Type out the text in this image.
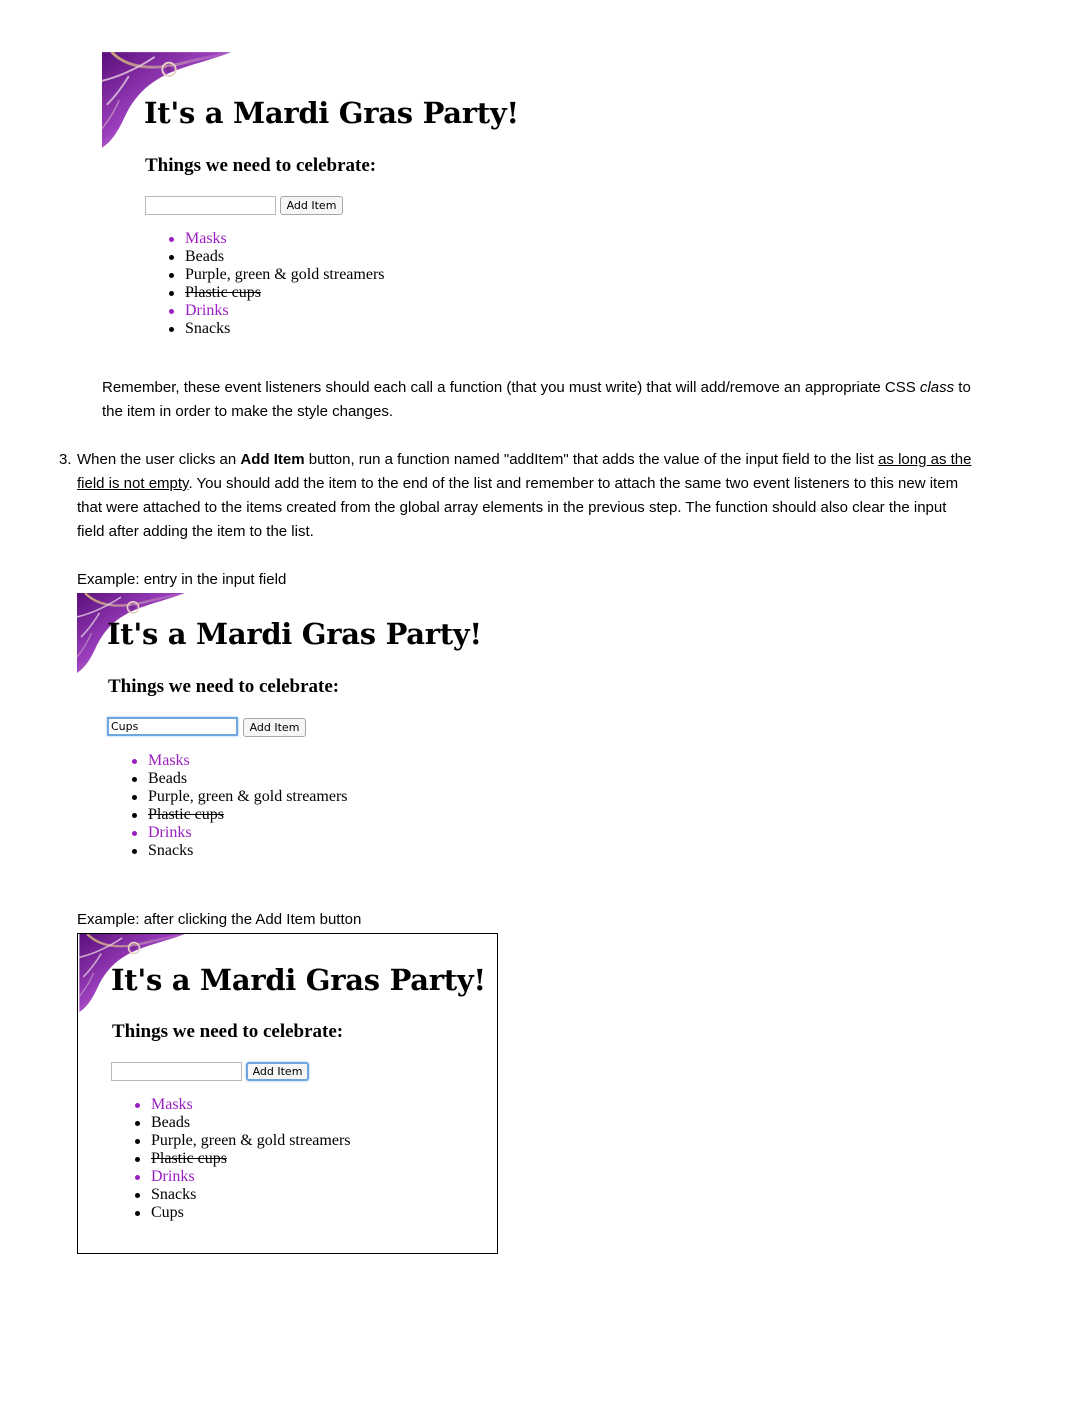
It's a Mardi Gras Party!
Things we need to celebrate:
Add Item
Masks
Beads
Purple, green & gold streamers
Plastic cups
Drinks
Snacks

Remember, these event listeners should each call a function (that you must write) that will add/remove an appropriate CSS class to

the item in order to make the style changes.

3. When the user clicks an Add Item button, run a function named "addItem" that adds the value of the input field to the list as long as the

field is not empty. You should add the item to the end of the list and remember to attach the same two event listeners to this new item

that were attached to the items created from the global array elements in the previous step. The function should also clear the input

field after adding the item to the list.

Example: entry in the input field

It's a Mardi Gras Party!
Things we need to celebrate:
Cups	Add Item
Masks
Beads
Purple, green & gold streamers
Plastic cups
Drinks
Snacks

Example: after clicking the Add Item button

It's a Mardi Gras Party!
Things we need to celebrate:
Add Item
Masks
Beads
Purple, green & gold streamers
Plastic cups
Drinks
Snacks
Cups
